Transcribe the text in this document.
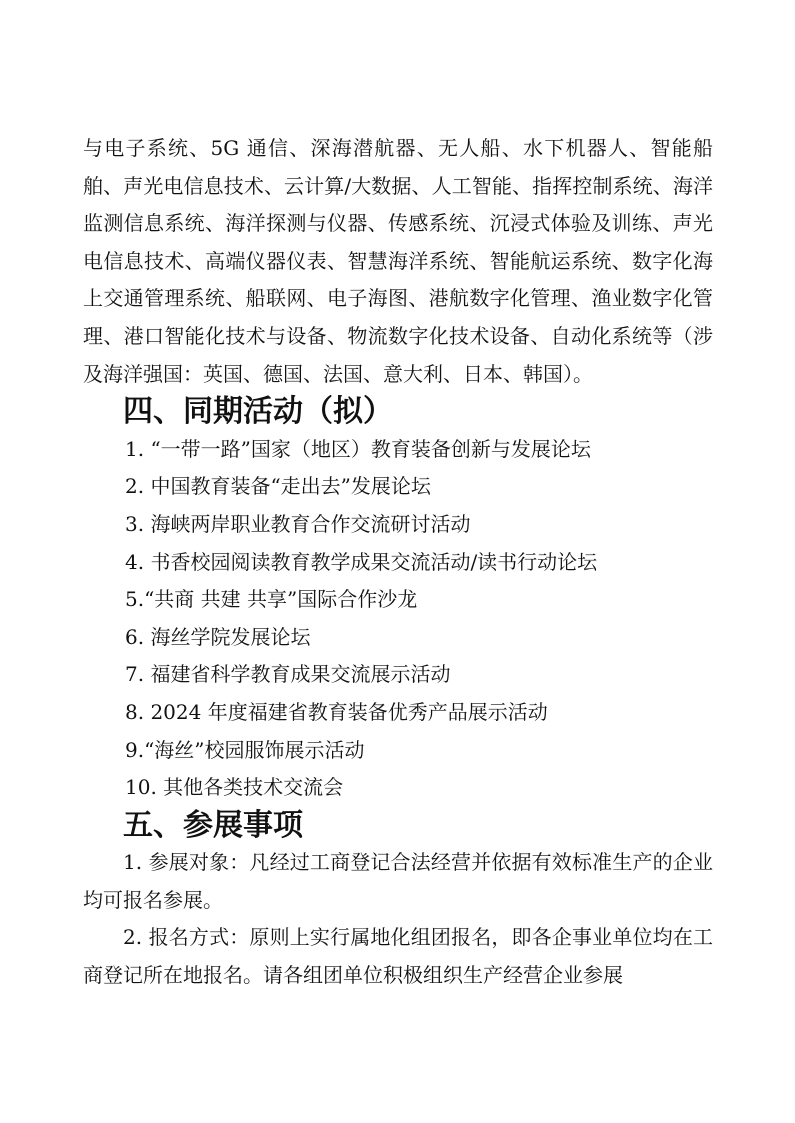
与电子系统、5G 通信、深海潜航器、无人船、水下机器人、智能船舶、声光电信息技术、云计算/大数据、人工智能、指挥控制系统、海洋监测信息系统、海洋探测与仪器、传感系统、沉浸式体验及训练、声光电信息技术、高端仪器仪表、智慧海洋系统、智能航运系统、数字化海上交通管理系统、船联网、电子海图、港航数字化管理、渔业数字化管理、港口智能化技术与设备、物流数字化技术设备、自动化系统等（涉及海洋强国：英国、德国、法国、意大利、日本、韩国）。

四、同期活动（拟）
1. “一带一路”国家（地区）教育装备创新与发展论坛
2. 中国教育装备“走出去”发展论坛
3. 海峡两岸职业教育合作交流研讨活动
4. 书香校园阅读教育教学成果交流活动/读书行动论坛
5.“共商 共建 共享”国际合作沙龙
6. 海丝学院发展论坛
7. 福建省科学教育成果交流展示活动
8. 2024 年度福建省教育装备优秀产品展示活动
9.“海丝”校园服饰展示活动
10. 其他各类技术交流会
五、参展事项

1. 参展对象：凡经过工商登记合法经营并依据有效标准生产的企业均可报名参展。

2. 报名方式：原则上实行属地化组团报名，即各企事业单位均在工商登记所在地报名。请各组团单位积极组织生产经营企业参展
